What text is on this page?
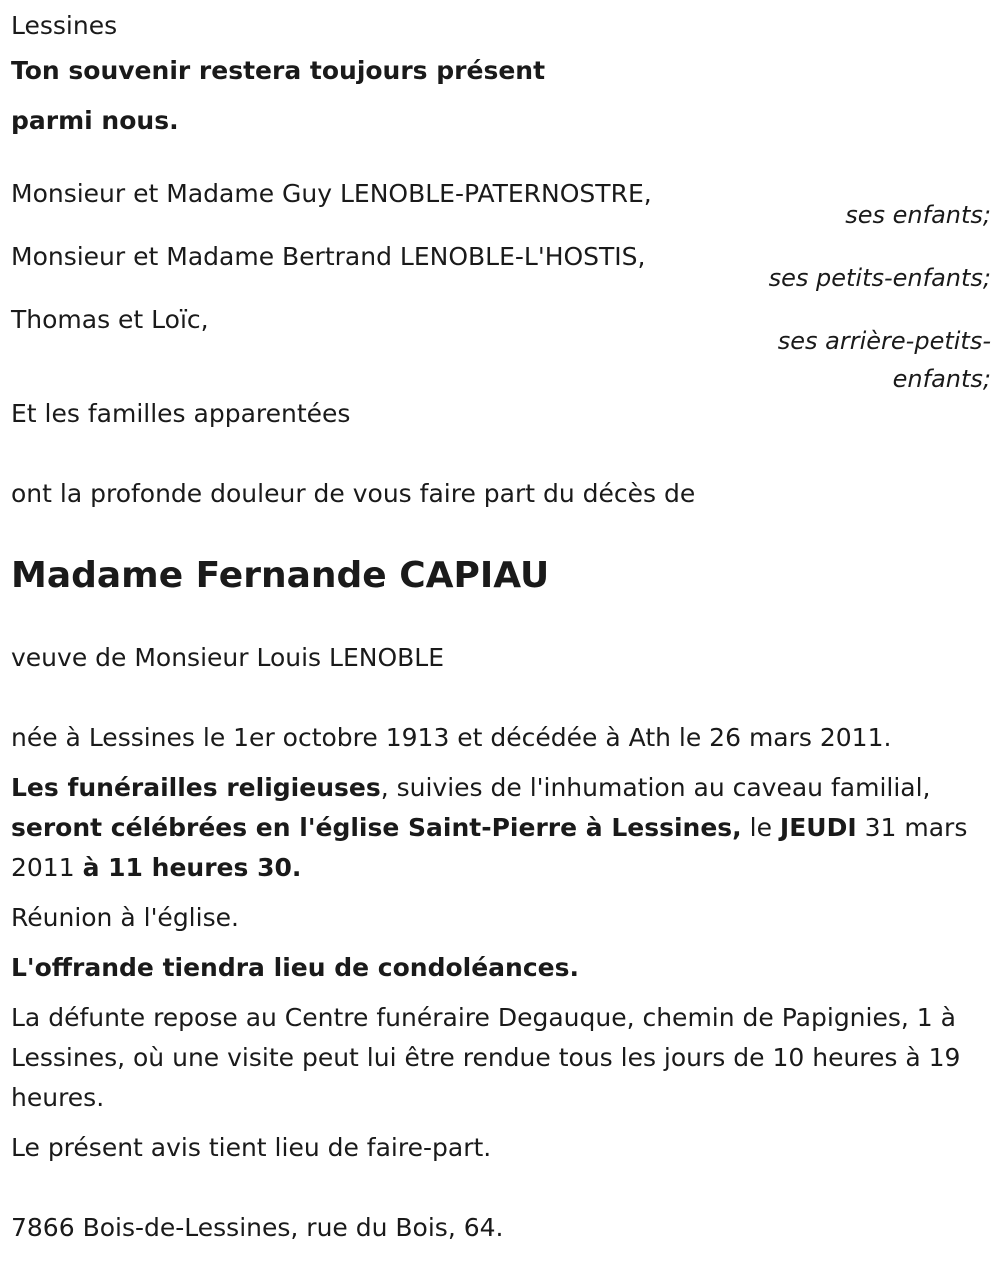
Lessines

Ton souvenir restera toujours présent

parmi nous.

Monsieur et Madame Guy LENOBLE-PATERNOSTRE,
ses enfants;
Monsieur et Madame Bertrand LENOBLE-L'HOSTIS,
ses petits-enfants;
Thomas et Loïc,
ses arrière-petits-
enfants;

Et les familles apparentées

ont la profonde douleur de vous faire part du décès de

Madame Fernande CAPIAU

veuve de Monsieur Louis LENOBLE

née à Lessines le 1er octobre 1913 et décédée à Ath le 26 mars 2011.

Les funérailles religieuses, suivies de l'inhumation au caveau familial,
seront célébrées en l'église Saint-Pierre à Lessines, le JEUDI 31 mars 2011 à 11 heures 30.

Réunion à l'église.

L'offrande tiendra lieu de condoléances.

La défunte repose au Centre funéraire Degauque, chemin de Papignies, 1 à Lessines, où une visite peut lui être rendue tous les jours de 10 heures à 19 heures.

Le présent avis tient lieu de faire-part.

7866 Bois-de-Lessines, rue du Bois, 64.
